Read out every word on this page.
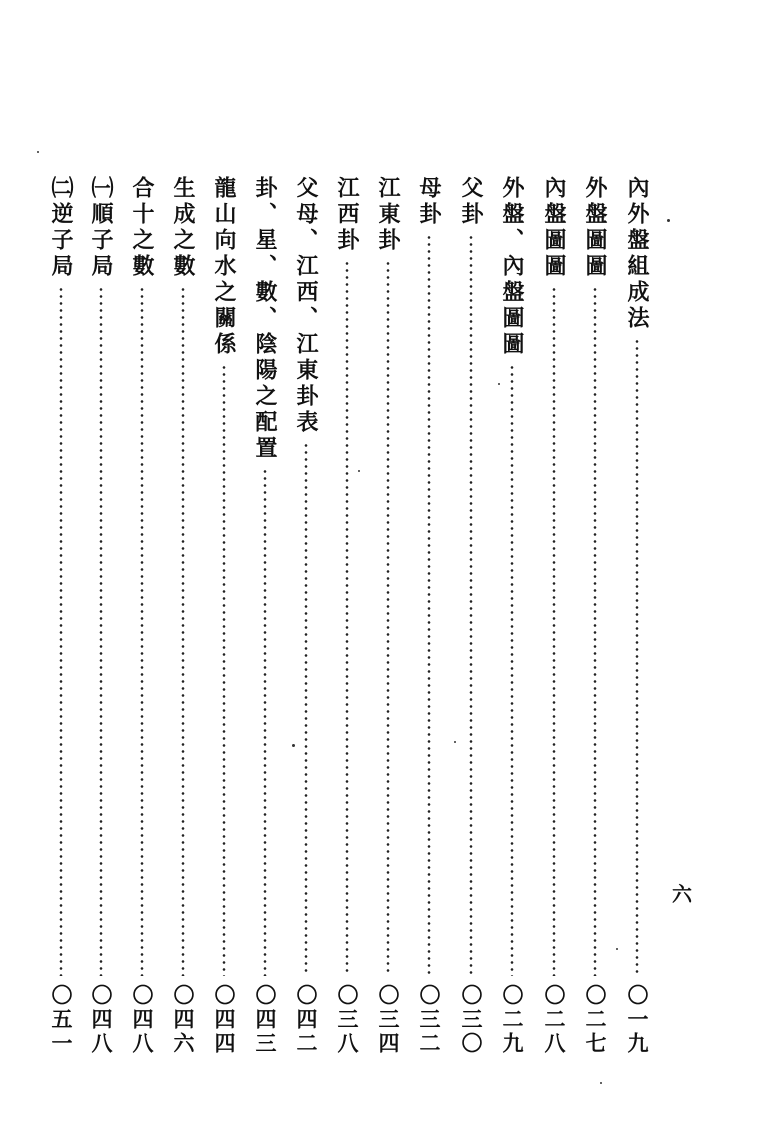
內外盤組成法
〇一九
外盤圖圖
〇二七
內盤圖圖
〇二八
外盤、內盤圖圖
〇二九
父卦
〇三〇
母卦
〇三二
江東卦
〇三四
江西卦
〇三八
父母、江西、江東卦表
〇四二
卦、星、數、陰陽之配置
〇四三
龍山向水之關係
〇四四
生成之數
〇四六
合十之數
〇四八
㈠順子局
〇四八
㈡逆子局
〇五一
六
